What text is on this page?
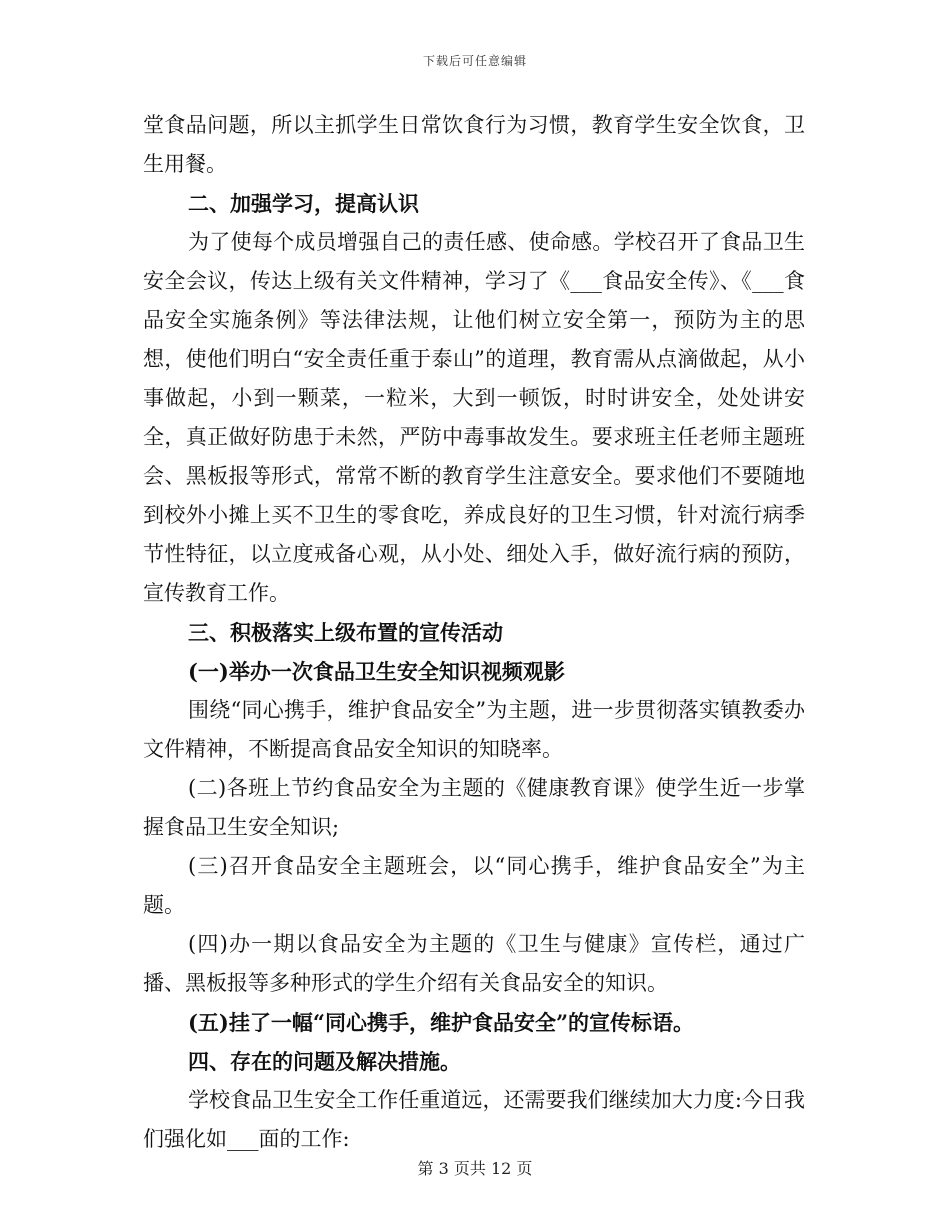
下载后可任意编辑

堂食品问题，所以主抓学生日常饮食行为习惯，教育学生安全饮食，卫生用餐。

二、加强学习，提高认识

为了使每个成员增强自己的责任感、使命感。学校召开了食品卫生安全会议，传达上级有关文件精神，学习了《___食品安全传》、《___食品安全实施条例》等法律法规，让他们树立安全第一，预防为主的思想，使他们明白“安全责任重于泰山”的道理，教育需从点滴做起，从小事做起，小到一颗菜，一粒米，大到一顿饭，时时讲安全，处处讲安全，真正做好防患于未然，严防中毒事故发生。要求班主任老师主题班会、黑板报等形式，常常不断的教育学生注意安全。要求他们不要随地到校外小摊上买不卫生的零食吃，养成良好的卫生习惯，针对流行病季节性特征，以立度戒备心观，从小处、细处入手，做好流行病的预防，宣传教育工作。

三、积极落实上级布置的宣传活动

(一)举办一次食品卫生安全知识视频观影

围绕“同心携手，维护食品安全”为主题，进一步贯彻落实镇教委办文件精神，不断提高食品安全知识的知晓率。

(二)各班上节约食品安全为主题的《健康教育课》使学生近一步掌握食品卫生安全知识;

(三)召开食品安全主题班会，以“同心携手，维护食品安全”为主题。

(四)办一期以食品安全为主题的《卫生与健康》宣传栏，通过广播、黑板报等多种形式的学生介绍有关食品安全的知识。

(五)挂了一幅“同心携手，维护食品安全”的宣传标语。

四、存在的问题及解决措施。

学校食品卫生安全工作任重道远，还需要我们继续加大力度:今日我们强化如___面的工作:

第 3 页共 12 页
